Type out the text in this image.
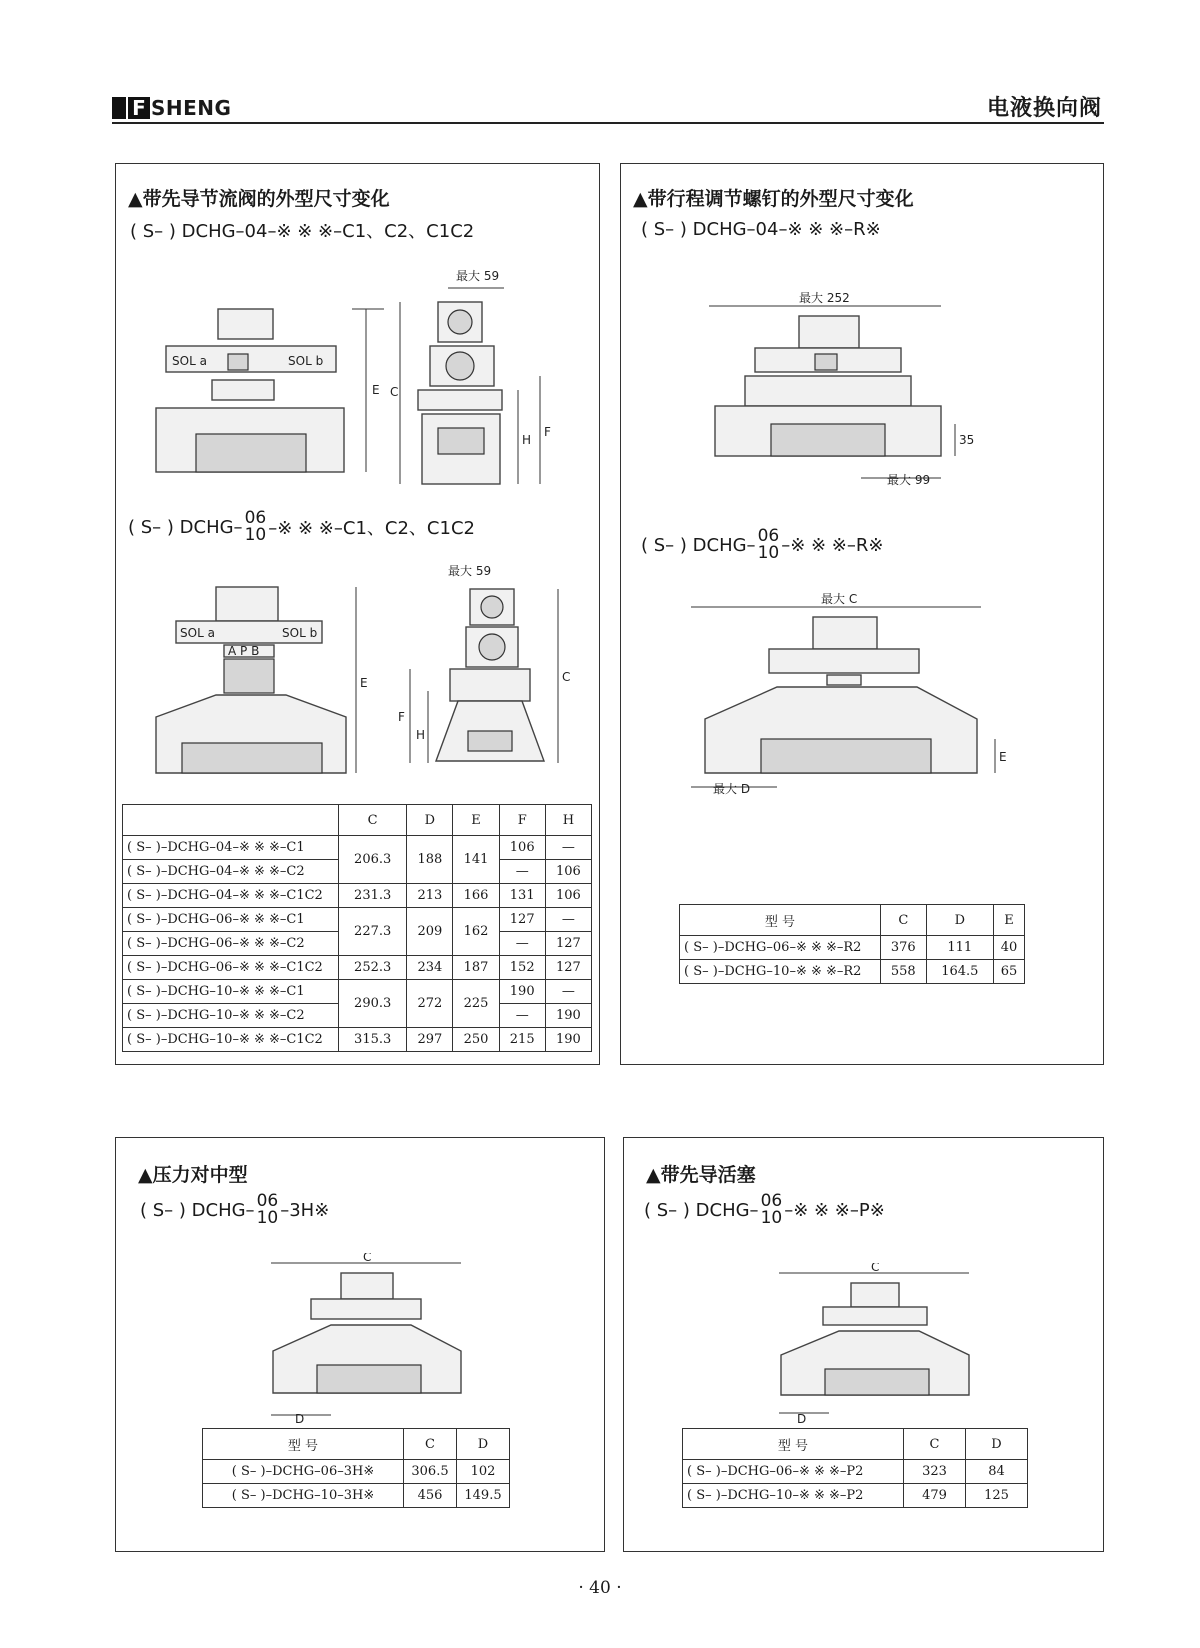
F SHENG	电液换向阀
▲带先导节流阀的外型尺寸变化
( S– ) DCHG–04–※ ※ ※–C1、C2、C1C2
SOL a	SOL b
E
最大 59
C
H
F
( S– ) DCHG– 06
10 –※ ※ ※–C1、C2、C1C2
SOL a	SOL b
A P B
E
最大 59
F
H
C
	C	D	E	F	H
( S– )–DCHG–04–※ ※ ※–C1	206.3	188	141	106	—
( S– )–DCHG–04–※ ※ ※–C2				—	106
( S– )–DCHG–04–※ ※ ※–C1C2	231.3	213	166	131	106
( S– )–DCHG–06–※ ※ ※–C1	227.3	209	162	127	—
( S– )–DCHG–06–※ ※ ※–C2				—	127
( S– )–DCHG–06–※ ※ ※–C1C2	252.3	234	187	152	127
( S– )–DCHG–10–※ ※ ※–C1	290.3	272	225	190	—
( S– )–DCHG–10–※ ※ ※–C2				—	190
( S– )–DCHG–10–※ ※ ※–C1C2	315.3	297	250	215	190
▲带行程调节螺钉的外型尺寸变化
( S– ) DCHG–04–※ ※ ※–R※
最大 252
35
最大 99
( S– ) DCHG– 06
10 –※ ※ ※–R※
最大 C
E
最大 D
型 号	C	D	E
( S– )–DCHG–06–※ ※ ※–R2	376	111	40
( S– )–DCHG–10–※ ※ ※–R2	558	164.5	65
▲压力对中型
( S– ) DCHG– 06
10 –3H※
C
D
型 号	C	D
( S– )–DCHG–06–3H※	306.5	102
( S– )–DCHG–10–3H※	456	149.5
▲带先导活塞
( S– ) DCHG– 06
10 –※ ※ ※–P※
C
D
型 号	C	D
( S– )–DCHG–06–※ ※ ※–P2	323	84
( S– )–DCHG–10–※ ※ ※–P2	479	125
· 40 ·
